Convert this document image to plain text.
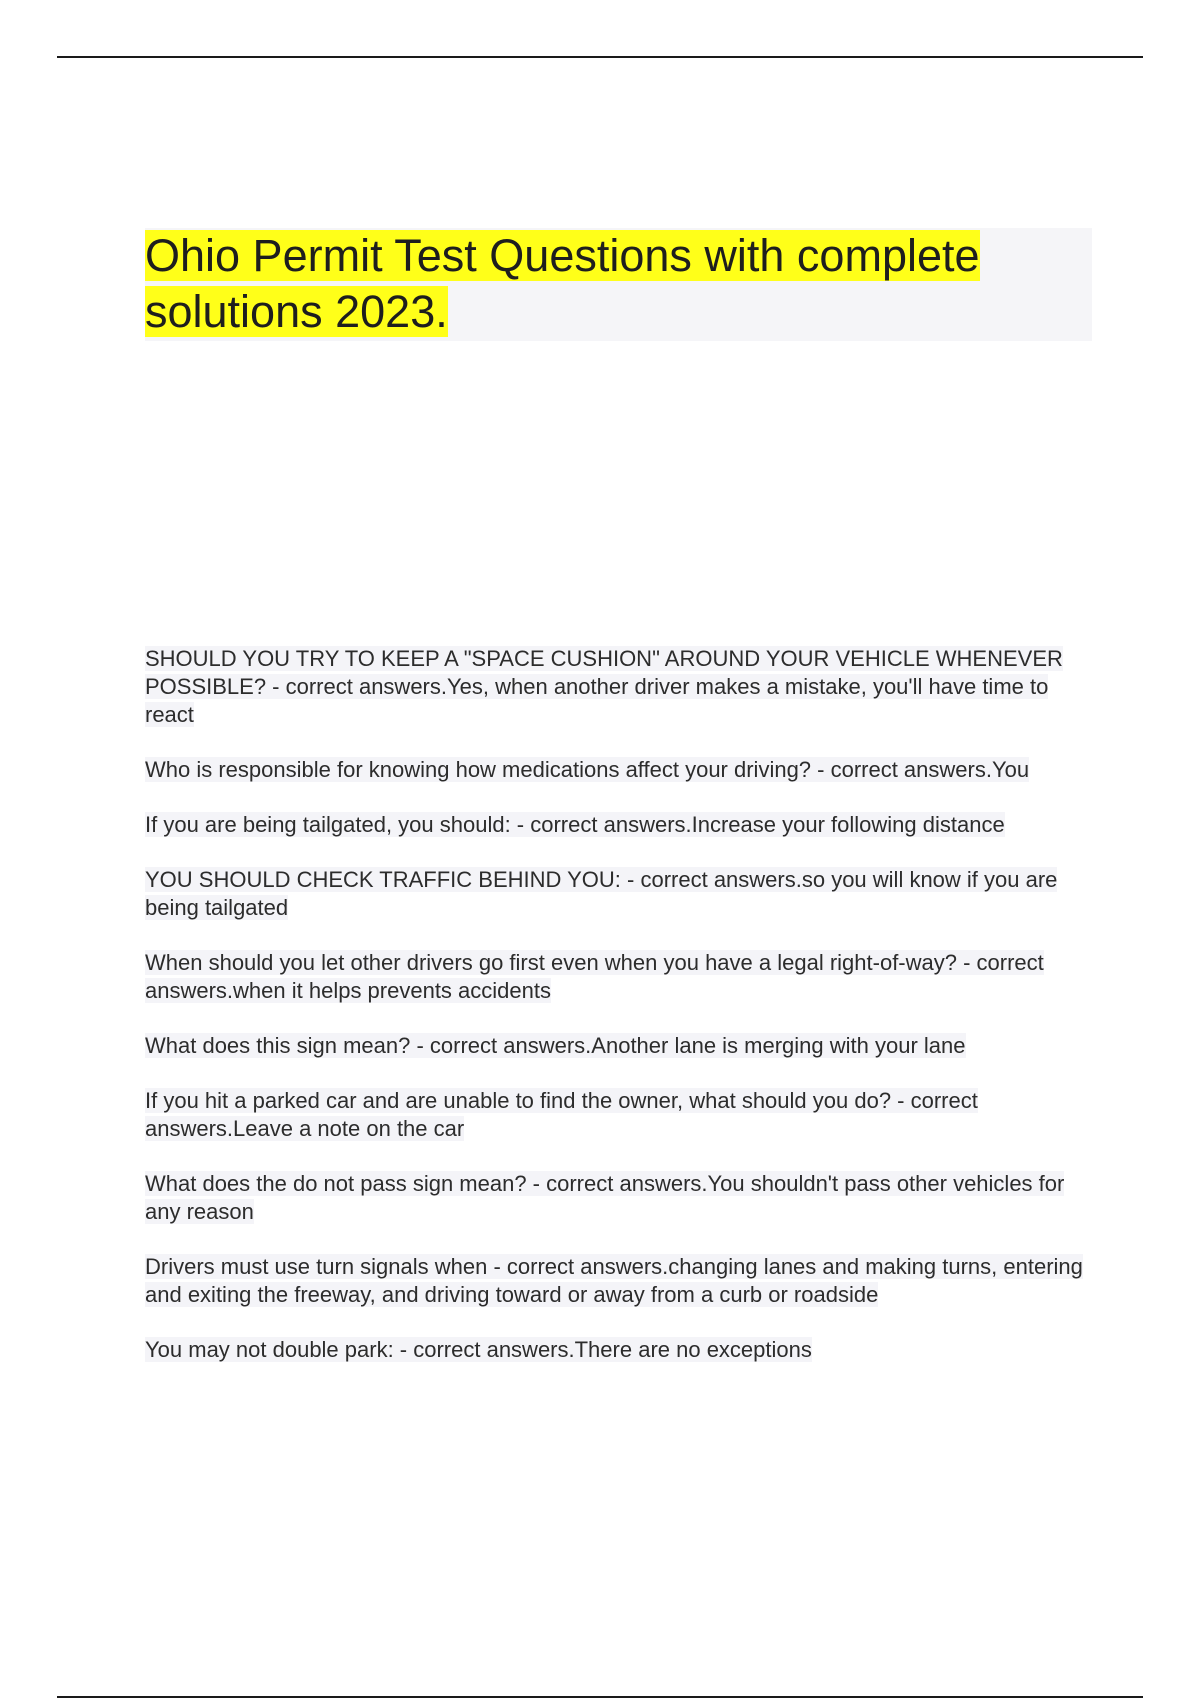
Ohio Permit Test Questions with complete solutions 2023.

SHOULD YOU TRY TO KEEP A "SPACE CUSHION" AROUND YOUR VEHICLE WHENEVER POSSIBLE? - correct answers.Yes, when another driver makes a mistake, you'll have time to react

Who is responsible for knowing how medications affect your driving? - correct answers.You

If you are being tailgated, you should: - correct answers.Increase your following distance

YOU SHOULD CHECK TRAFFIC BEHIND YOU: - correct answers.so you will know if you are being tailgated

When should you let other drivers go first even when you have a legal right-of-way? - correct answers.when it helps prevents accidents

What does this sign mean? - correct answers.Another lane is merging with your lane

If you hit a parked car and are unable to find the owner, what should you do? - correct answers.Leave a note on the car

What does the do not pass sign mean? - correct answers.You shouldn't pass other vehicles for any reason

Drivers must use turn signals when - correct answers.changing lanes and making turns, entering and exiting the freeway, and driving toward or away from a curb or roadside

You may not double park: - correct answers.There are no exceptions
